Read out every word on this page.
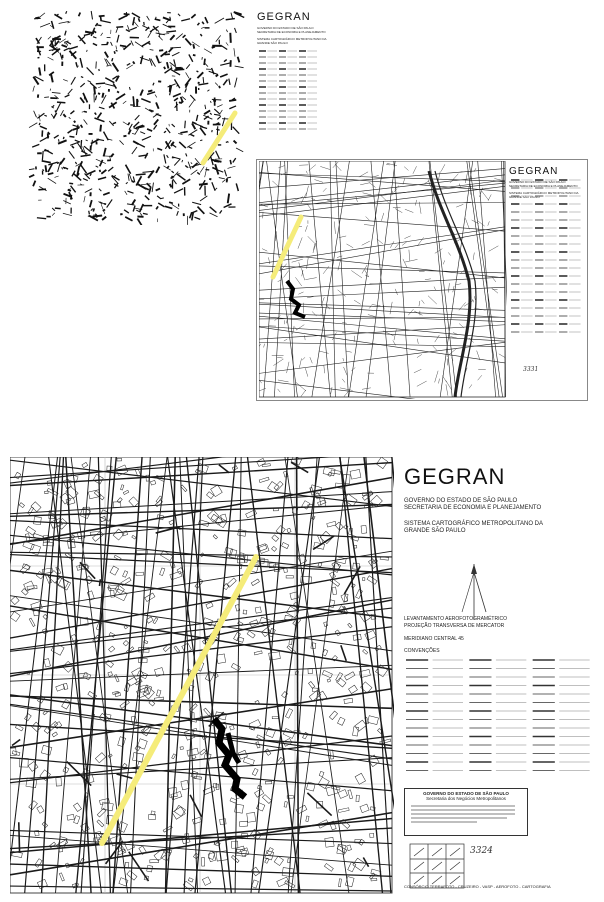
GEGRAN
GOVERNO DO ESTADO DE SÃO PAULO
SECRETARIA DE ECONOMIA E PLANEJAMENTO
SISTEMA CARTOGRÁFICO METROPOLITANO DA
GRANDE SÃO PAULO
GEGRAN
GOVERNO DO ESTADO DE SÃO PAULO
SECRETARIA DE ECONOMIA E PLANEJAMENTO
SISTEMA CARTOGRÁFICO METROPOLITANO DA
GRANDE SÃO PAULO
3331
GEGRAN
GOVERNO DO ESTADO DE SÃO PAULO
SECRETARIA DE ECONOMIA E PLANEJAMENTO
SISTEMA CARTOGRÁFICO METROPOLITANO DA
GRANDE SÃO PAULO
LEVANTAMENTO AEROFOTOGRAMÉTRICO
PROJEÇÃO TRANSVERSA DE MERCATOR
MERIDIANO CENTRAL 45
CONVENÇÕES
GOVERNO DO ESTADO DE SÃO PAULO
Secretaria dos Negócios Metropolitanos
3324
CONSÓRCIO TERRAFOTO - CRUZEIRO - VASP - AEROFOTO - CARTOGRAFIA
